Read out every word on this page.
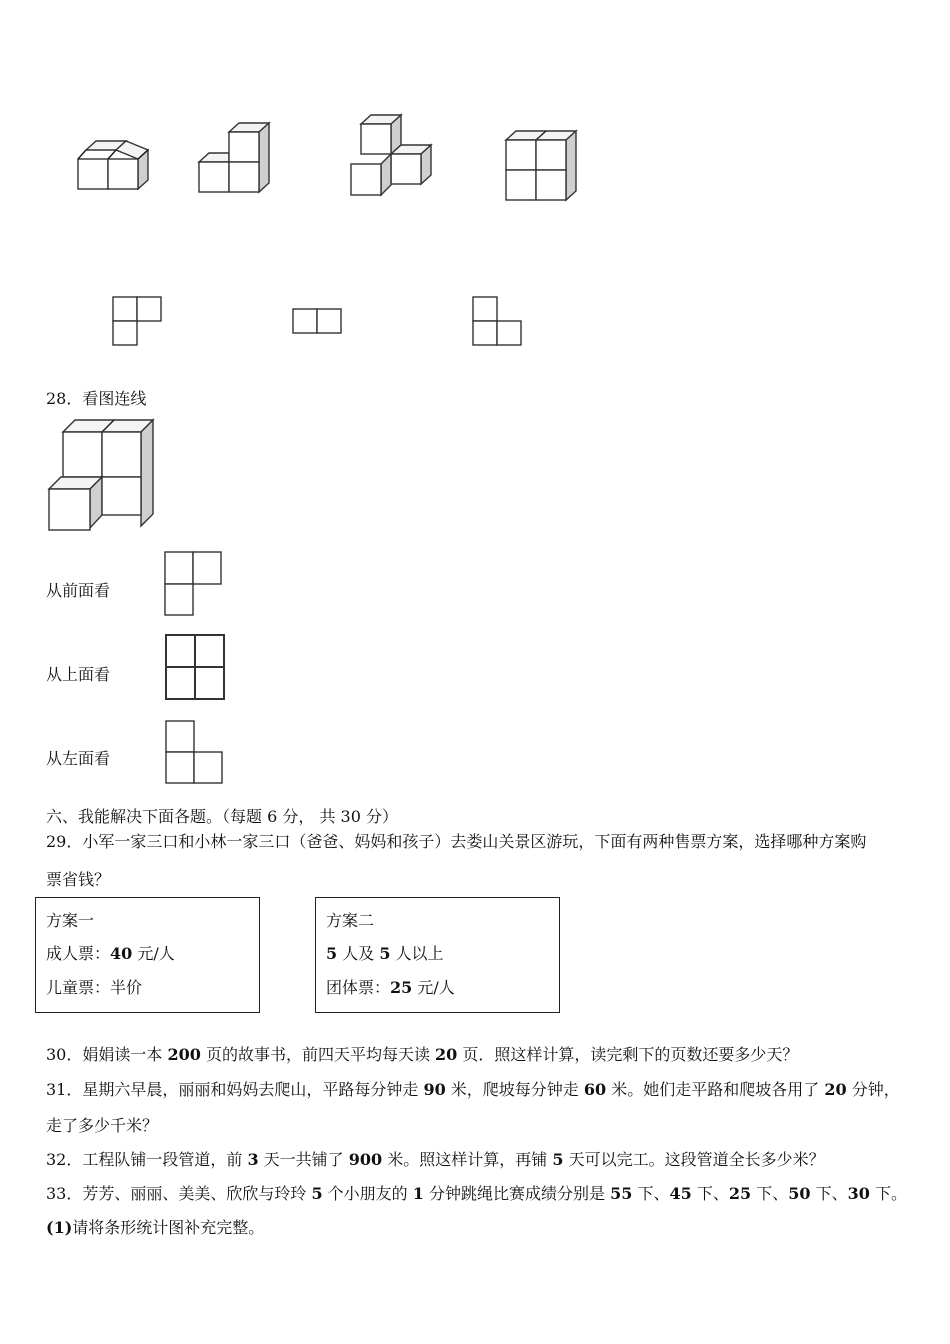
28．看图连线
从前面看
从上面看
从左面看
六、我能解决下面各题。（每题 6 分， 共 30 分）
29．小军一家三口和小林一家三口（爸爸、妈妈和孩子）去娄山关景区游玩，下面有两种售票方案，选择哪种方案购
票省钱？
方案一
成人票：40 元/人
儿童票：半价
方案二
5 人及 5 人以上
团体票：25 元/人
30．娟娟读一本 200 页的故事书，前四天平均每天读 20 页．照这样计算，读完剩下的页数还要多少天？
31．星期六早晨，丽丽和妈妈去爬山，平路每分钟走 90 米，爬坡每分钟走 60 米。她们走平路和爬坡各用了 20 分钟，
走了多少千米？
32．工程队铺一段管道，前 3 天一共铺了 900 米。照这样计算，再铺 5 天可以完工。这段管道全长多少米？
33．芳芳、丽丽、美美、欣欣与玲玲 5 个小朋友的 1 分钟跳绳比赛成绩分别是 55 下、45 下、25 下、50 下、30 下。
(1)请将条形统计图补充完整。
